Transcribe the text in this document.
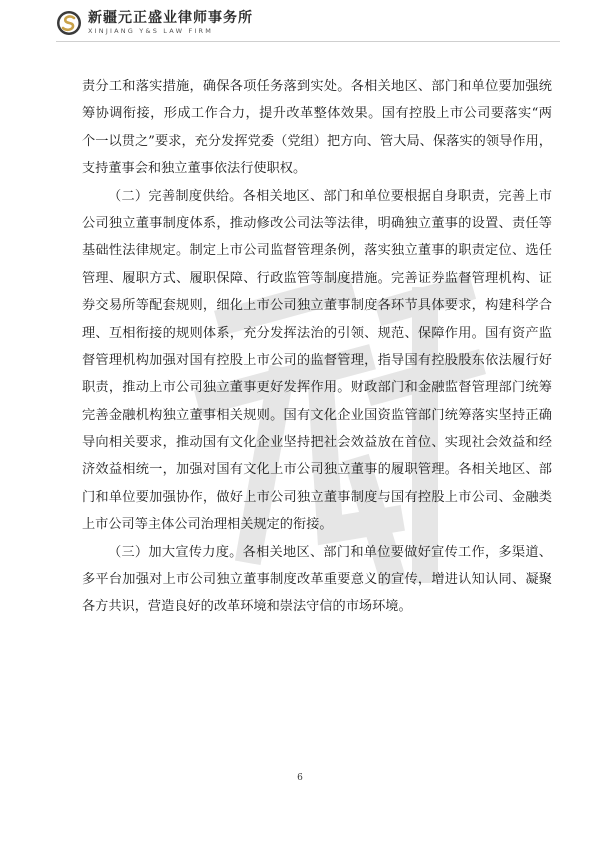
新疆元正盛业律师事务所
XINJIANG Y&S LAW FIRM
责分工和落实措施，确保各项任务落到实处。各相关地区、部门和单位要加强统
筹协调衔接，形成工作合力，提升改革整体效果。国有控股上市公司要落实“两
个一以贯之”要求，充分发挥党委（党组）把方向、管大局、保落实的领导作用，
支持董事会和独立董事依法行使职权。
（二）完善制度供给。各相关地区、部门和单位要根据自身职责，完善上市
公司独立董事制度体系，推动修改公司法等法律，明确独立董事的设置、责任等
基础性法律规定。制定上市公司监督管理条例，落实独立董事的职责定位、选任
管理、履职方式、履职保障、行政监管等制度措施。完善证券监督管理机构、证
券交易所等配套规则，细化上市公司独立董事制度各环节具体要求，构建科学合
理、互相衔接的规则体系，充分发挥法治的引领、规范、保障作用。国有资产监
督管理机构加强对国有控股上市公司的监督管理，指导国有控股股东依法履行好
职责，推动上市公司独立董事更好发挥作用。财政部门和金融监督管理部门统筹
完善金融机构独立董事相关规则。国有文化企业国资监管部门统筹落实坚持正确
导向相关要求，推动国有文化企业坚持把社会效益放在首位、实现社会效益和经
济效益相统一，加强对国有文化上市公司独立董事的履职管理。各相关地区、部
门和单位要加强协作，做好上市公司独立董事制度与国有控股上市公司、金融类
上市公司等主体公司治理相关规定的衔接。
（三）加大宣传力度。各相关地区、部门和单位要做好宣传工作，多渠道、
多平台加强对上市公司独立董事制度改革重要意义的宣传，增进认知认同、凝聚
各方共识，营造良好的改革环境和崇法守信的市场环境。
6
